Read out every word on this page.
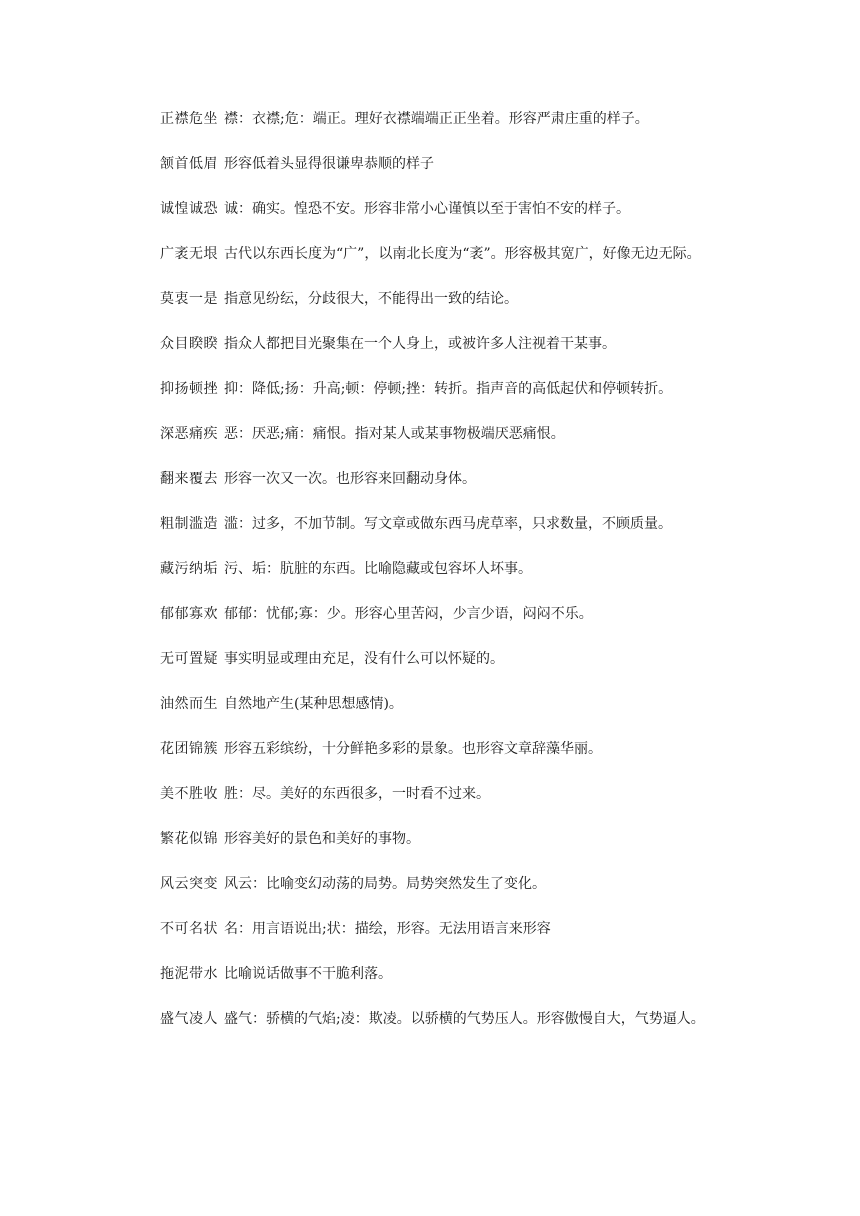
正襟危坐 襟：衣襟;危：端正。理好衣襟端端正正坐着。形容严肃庄重的样子。

颔首低眉 形容低着头显得很谦卑恭顺的样子

诚惶诚恐 诚：确实。惶恐不安。形容非常小心谨慎以至于害怕不安的样子。

广袤无垠 古代以东西长度为“广”，以南北长度为“袤”。形容极其宽广，好像无边无际。

莫衷一是 指意见纷纭，分歧很大，不能得出一致的结论。

众目睽睽 指众人都把目光聚集在一个人身上，或被许多人注视着干某事。

抑扬顿挫 抑：降低;扬：升高;顿：停顿;挫：转折。指声音的高低起伏和停顿转折。

深恶痛疾 恶：厌恶;痛：痛恨。指对某人或某事物极端厌恶痛恨。

翻来覆去 形容一次又一次。也形容来回翻动身体。

粗制滥造 滥：过多，不加节制。写文章或做东西马虎草率，只求数量，不顾质量。

藏污纳垢 污、垢：肮脏的东西。比喻隐藏或包容坏人坏事。

郁郁寡欢 郁郁：忧郁;寡：少。形容心里苦闷，少言少语，闷闷不乐。

无可置疑 事实明显或理由充足，没有什么可以怀疑的。

油然而生 自然地产生(某种思想感情)。

花团锦簇 形容五彩缤纷，十分鲜艳多彩的景象。也形容文章辞藻华丽。

美不胜收 胜：尽。美好的东西很多，一时看不过来。

繁花似锦 形容美好的景色和美好的事物。

风云突变 风云：比喻变幻动荡的局势。局势突然发生了变化。

不可名状 名：用言语说出;状：描绘，形容。无法用语言来形容

拖泥带水 比喻说话做事不干脆利落。

盛气凌人 盛气：骄横的气焰;凌：欺凌。以骄横的气势压人。形容傲慢自大，气势逼人。
